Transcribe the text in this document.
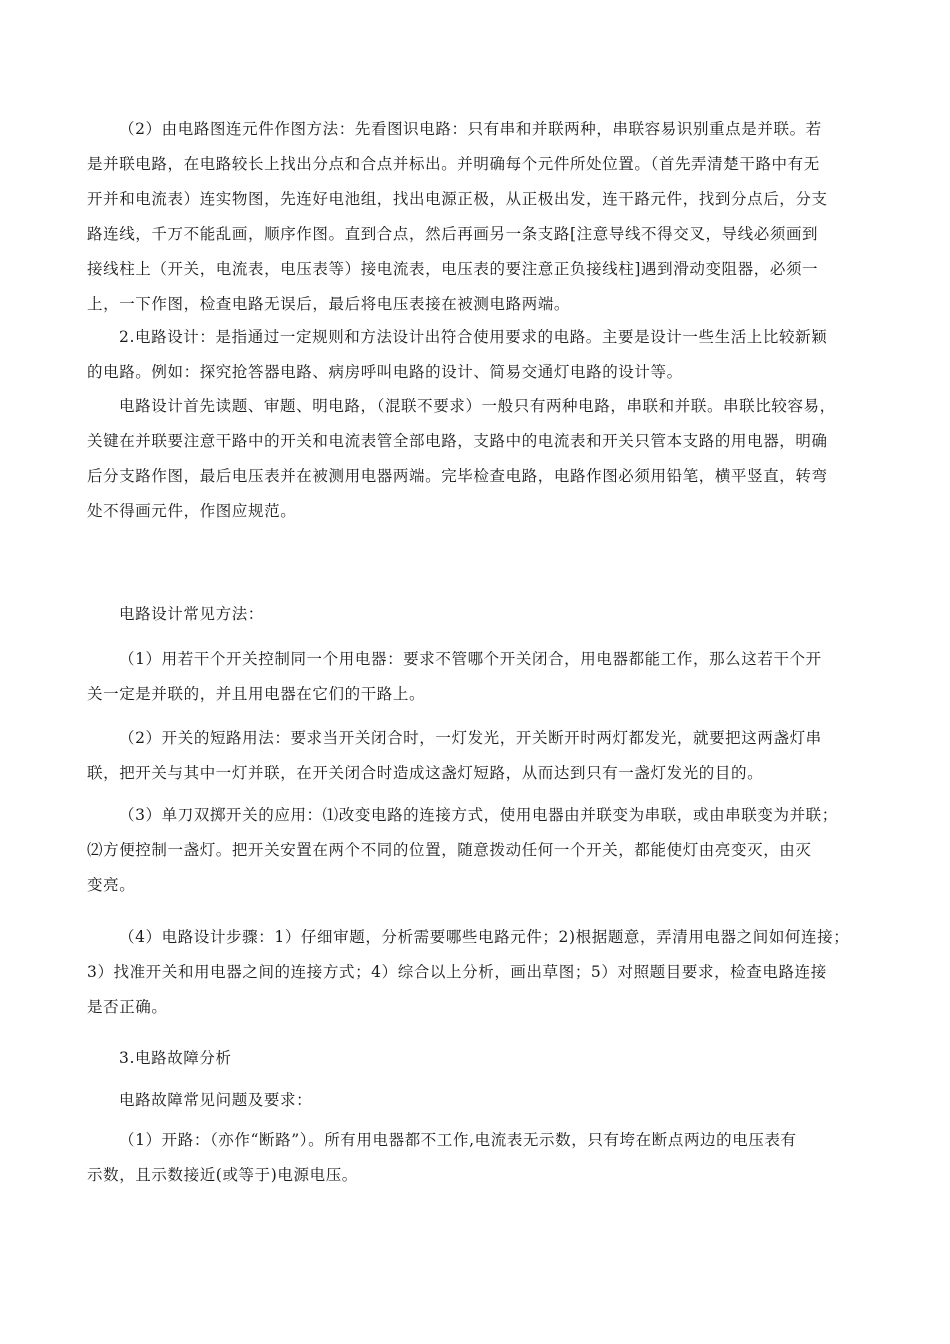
（2）由电路图连元件作图方法：先看图识电路：只有串和并联两种，串联容易识别重点是并联。若
是并联电路，在电路较长上找出分点和合点并标出。并明确每个元件所处位置。（首先弄清楚干路中有无
开并和电流表）连实物图，先连好电池组，找出电源正极，从正极出发，连干路元件，找到分点后，分支
路连线，千万不能乱画，顺序作图。直到合点，然后再画另一条支路[注意导线不得交叉，导线必须画到
接线柱上（开关，电流表，电压表等）接电流表，电压表的要注意正负接线柱]遇到滑动变阻器，必须一
上，一下作图，检查电路无误后，最后将电压表接在被测电路两端。
2.电路设计：是指通过一定规则和方法设计出符合使用要求的电路。主要是设计一些生活上比较新颖
的电路。例如：探究抢答器电路、病房呼叫电路的设计、简易交通灯电路的设计等。
电路设计首先读题、审题、明电路，（混联不要求）一般只有两种电路，串联和并联。串联比较容易，
关键在并联要注意干路中的开关和电流表管全部电路，支路中的电流表和开关只管本支路的用电器，明确
后分支路作图，最后电压表并在被测用电器两端。完毕检查电路，电路作图必须用铅笔，横平竖直，转弯
处不得画元件，作图应规范。
电路设计常见方法：
（1）用若干个开关控制同一个用电器：要求不管哪个开关闭合，用电器都能工作，那么这若干个开
关一定是并联的，并且用电器在它们的干路上。
（2）开关的短路用法：要求当开关闭合时，一灯发光，开关断开时两灯都发光，就要把这两盏灯串
联，把开关与其中一灯并联，在开关闭合时造成这盏灯短路，从而达到只有一盏灯发光的目的。
（3）单刀双掷开关的应用：⑴改变电路的连接方式，使用电器由并联变为串联，或由串联变为并联；
⑵方便控制一盏灯。把开关安置在两个不同的位置，随意拨动任何一个开关，都能使灯由亮变灭，由灭
变亮。
（4）电路设计步骤：1）仔细审题，分析需要哪些电路元件；2)根据题意，弄清用电器之间如何连接；
3）找准开关和用电器之间的连接方式；4）综合以上分析，画出草图；5）对照题目要求，检查电路连接
是否正确。
3.电路故障分析
电路故障常见问题及要求：
（1）开路：（亦作“断路”）。所有用电器都不工作,电流表无示数，只有垮在断点两边的电压表有
示数，且示数接近(或等于)电源电压。
